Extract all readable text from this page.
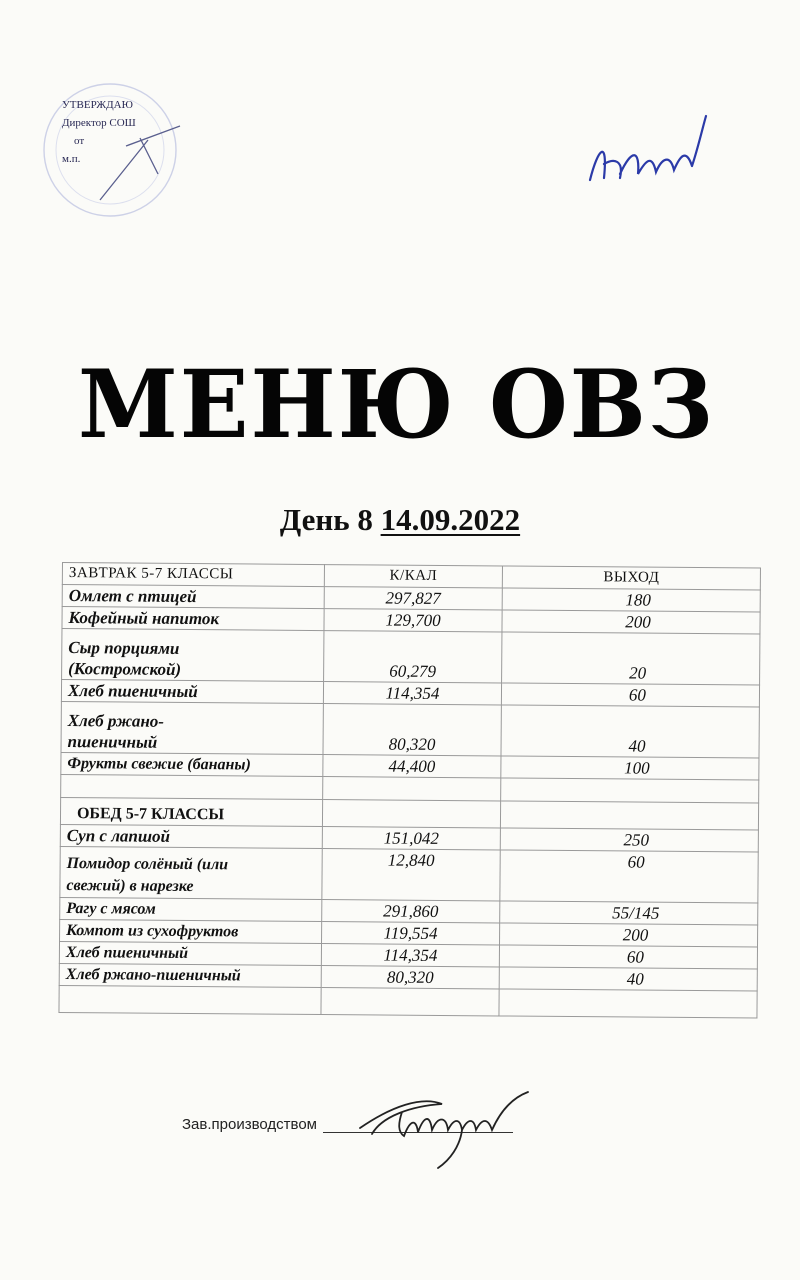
УТВЕРЖДАЮ
Директор СОШ
от
м.п.
МЕНЮ ОВЗ
День 8 14.09.2022
ЗАВТРАК 5-7 КЛАССЫ	К/КАЛ	ВЫХОД
Омлет с птицей	297,827	180
Кофейный напиток	129,700	200
Сыр порциями
(Костромской)	60,279	20
Хлеб пшеничный	114,354	60
Хлеб ржано-
пшеничный	80,320	40
Фрукты свежие (бананы)	44,400	100

ОБЕД 5-7 КЛАССЫ		
Суп с лапшой	151,042	250
Помидор солёный (или
свежий) в нарезке	12,840	60
Рагу с мясом	291,860	55/145
Компот из сухофруктов	119,554	200
Хлеб пшеничный	114,354	60
Хлеб ржано-пшеничный	80,320	40

Зав.производством
